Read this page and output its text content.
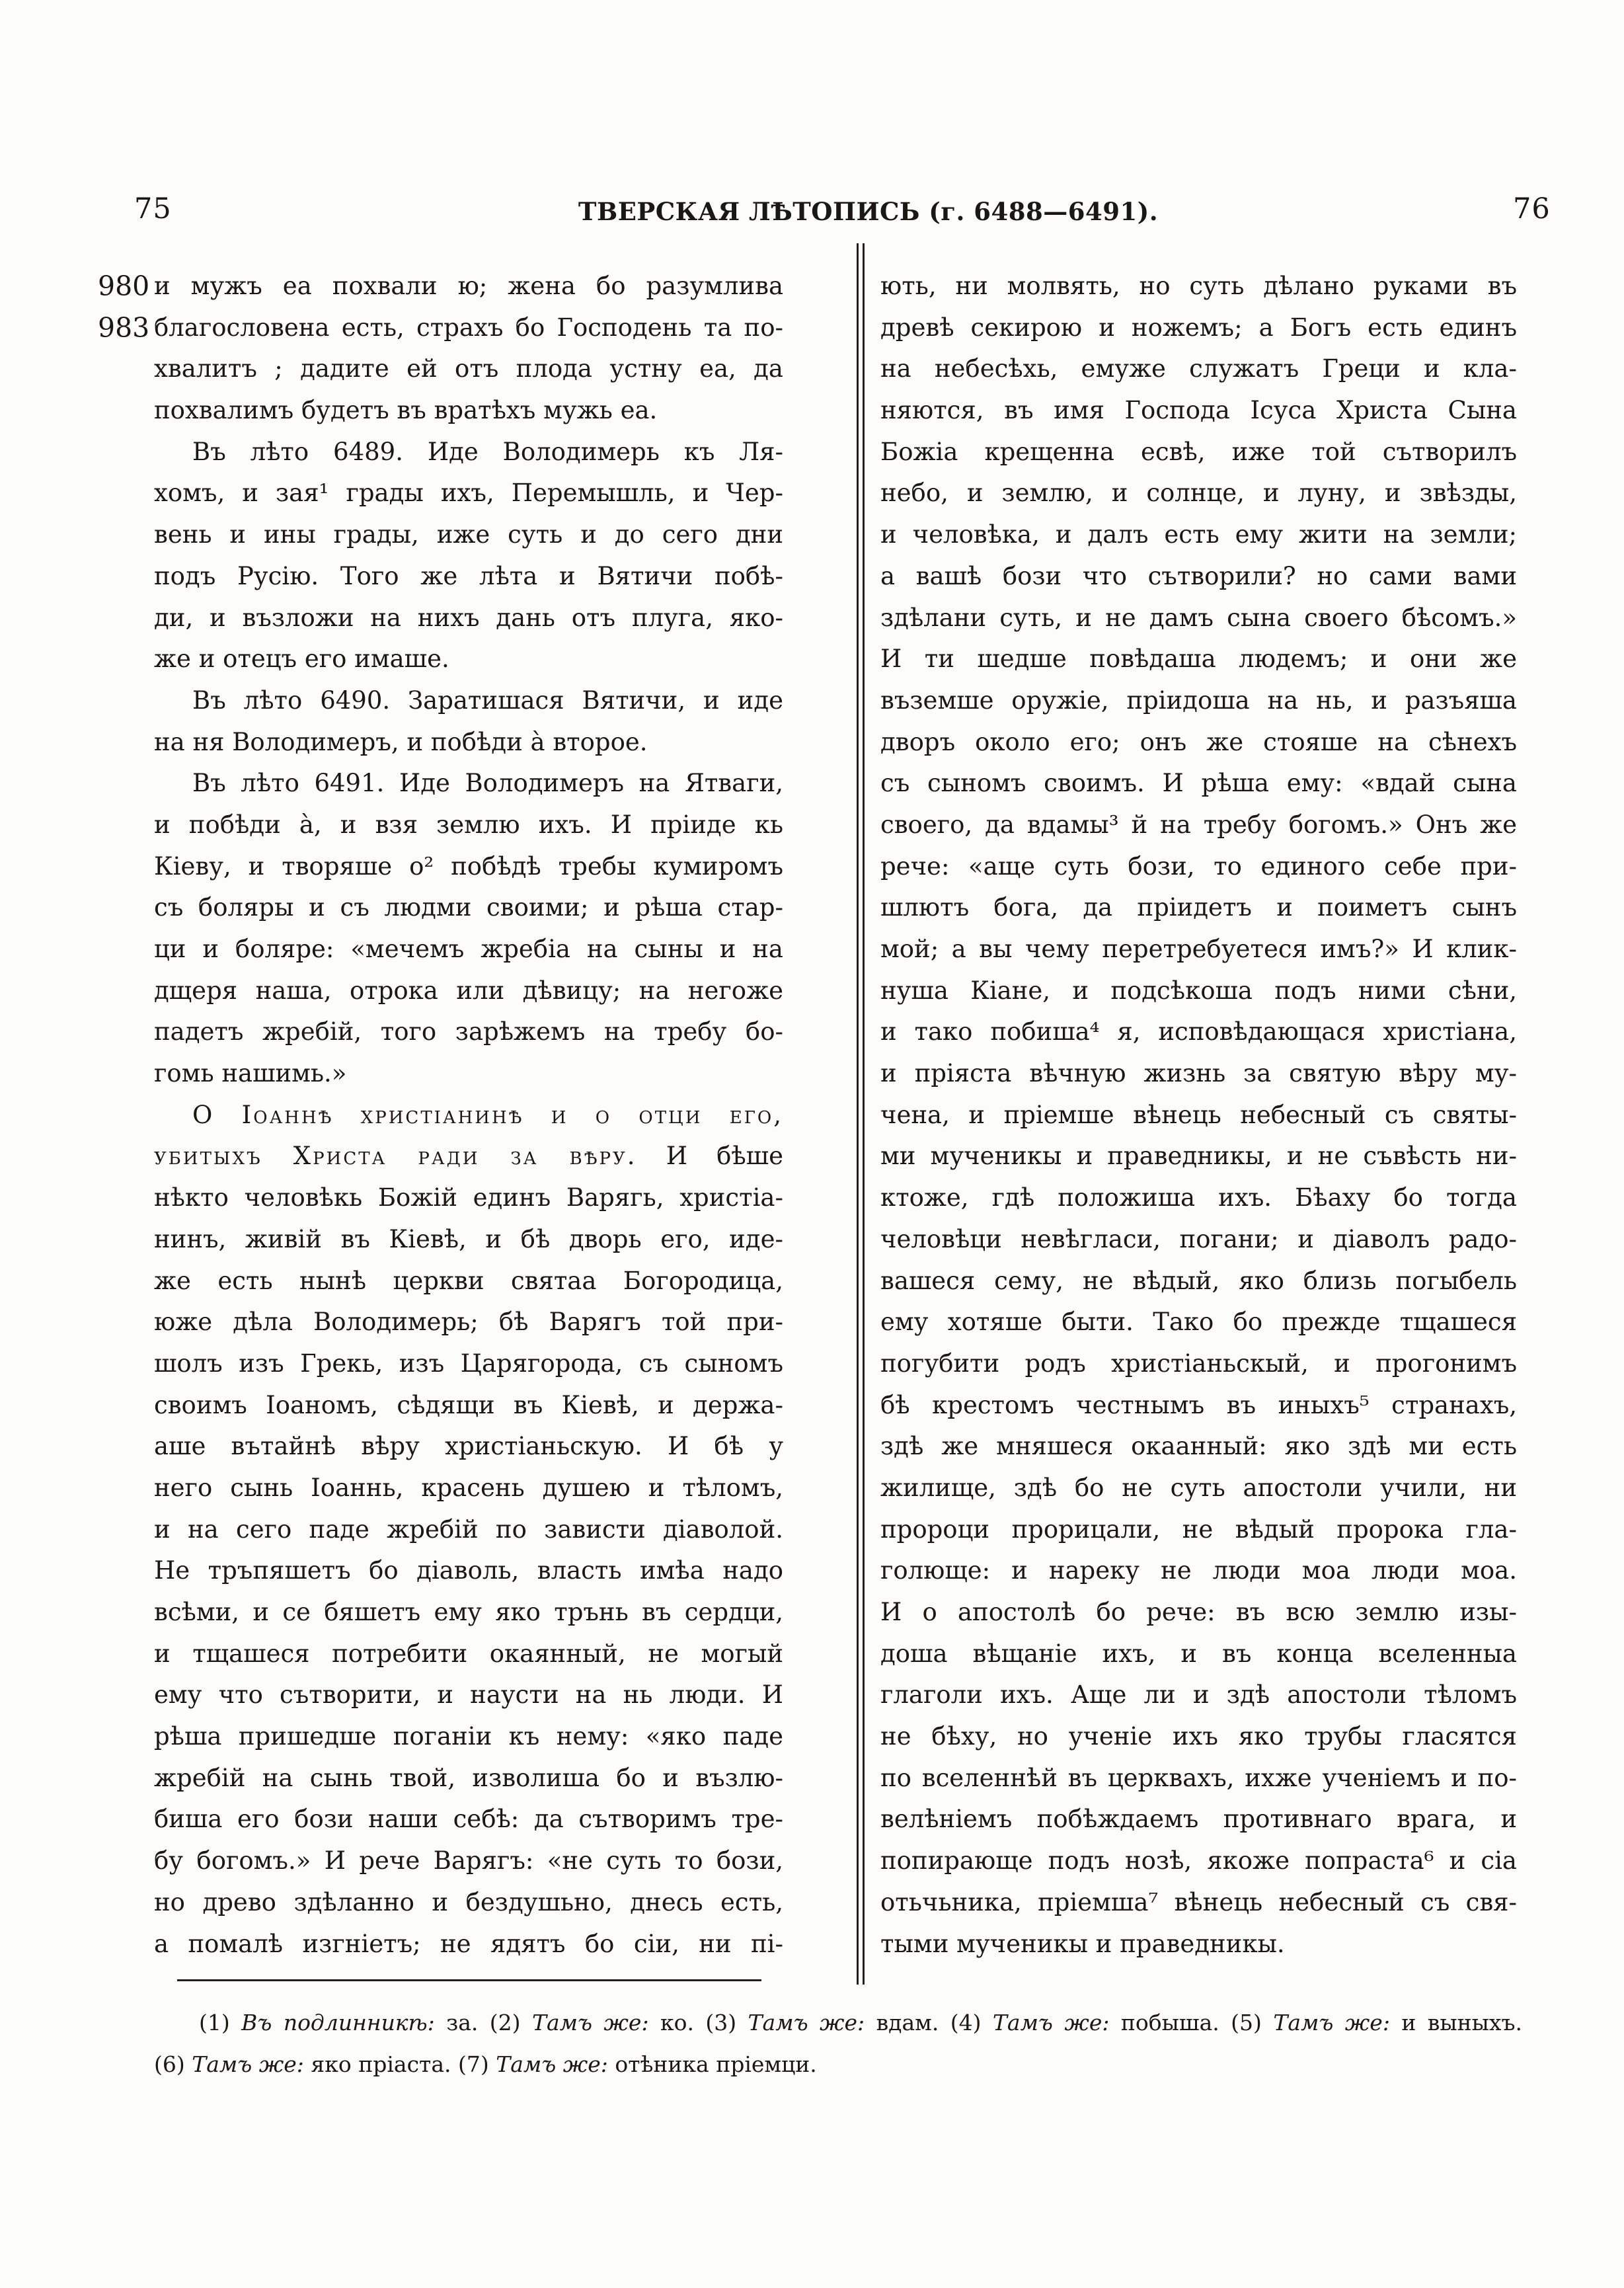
75	ТВЕРСКАЯ ЛѢТОПИСЬ (г. 6488—6491).	76
980
983
и мужъ еа похвали ю; жена бо разумлива
благословена есть, страхъ бо Господень та по-
хвалитъ ; дадите ей отъ плода устну еа, да
похвалимъ будетъ въ вратѣхъ мужь еа.
Въ лѣто 6489. Иде Володимерь къ Ля-
хомъ, и зая¹ грады ихъ, Перемышль, и Чер-
вень и ины грады, иже суть и до сего дни
подъ Русію. Того же лѣта и Вятичи побѣ-
ди, и възложи на нихъ дань отъ плуга, яко-
же и отецъ его имаше.
Въ лѣто 6490. Заратишася Вятичи, и иде
на ня Володимеръ, и побѣди а̀ второе.
Въ лѣто 6491. Иде Володимеръ на Ятваги,
и побѣди а̀, и взя землю ихъ. И пріиде кь
Кіеву, и творяше о² побѣдѣ требы кумиромъ
съ боляры и съ людми своими; и рѣша стар-
ци и боляре: «мечемъ жребіа на сыны и на
дщеря наша, отрока или дѣвицу; на негоже
падетъ жребій, того зарѣжемъ на требу бо-
гомь нашимь.»
О Іоаннѣ христіанинѣ и о отци его,
убитыхъ Христа ради за вѣру. И бѣше
нѣкто человѣкь Божій единъ Варягь, христіа-
нинъ, живій въ Кіевѣ, и бѣ дворь его, иде-
же есть нынѣ церкви святаа Богородица,
юже дѣла Володимерь; бѣ Варягъ той при-
шолъ изъ Грекь, изъ Царягорода, съ сыномъ
своимъ Іоаномъ, сѣдящи въ Кіевѣ, и держа-
аше вътайнѣ вѣру христіаньскую. И бѣ у
него сынь Іоаннь, красень душею и тѣломъ,
и на сего паде жребій по зависти діаволой.
Не тръпяшетъ бо діаволь, власть имѣа надо
всѣми, и се бяшетъ ему яко трънь въ сердци,
и тщашеся потребити окаянный, не могый
ему что сътворити, и наусти на нь люди. И
рѣша пришедше поганіи къ нему: «яко паде
жребій на сынь твой, изволиша бо и възлю-
биша его бози наши себѣ: да сътворимъ тре-
бу богомъ.» И рече Варягъ: «не суть то бози,
но древо здѣланно и бездушьно, днесь есть,
а помалѣ изгніетъ; не ядятъ бо сіи, ни пі-
ють, ни молвять, но суть дѣлано руками въ
древѣ секирою и ножемъ; а Богъ есть единъ
на небесѣхь, емуже служатъ Греци и кла-
няются, въ имя Господа Ісуса Христа Сына
Божіа крещенна есвѣ, иже той сътворилъ
небо, и землю, и солнце, и луну, и звѣзды,
и человѣка, и далъ есть ему жити на земли;
а вашѣ бози что сътворили? но сами вами
здѣлани суть, и не дамъ сына своего бѣсомъ.»
И ти шедше повѣдаша людемъ; и они же
въземше оружіе, пріидоша на нь, и разъяша
дворъ около его; онъ же стояше на сѣнехъ
съ сыномъ своимъ. И рѣша ему: «вдай сына
своего, да вдамы³ й на требу богомъ.» Онъ же
рече: «аще суть бози, то единого себе при-
шлютъ бога, да пріидетъ и поиметъ сынъ
мой; а вы чему перетребуетеся имъ?» И клик-
нуша Кіане, и подсѣкоша подъ ними сѣни,
и тако побиша⁴ я, исповѣдающася христіана,
и пріяста вѣчную жизнь за святую вѣру му-
чена, и пріемше вѣнець небесный съ святы-
ми мученикы и праведникы, и не съвѣсть ни-
ктоже, гдѣ положиша ихъ. Бѣаху бо тогда
человѣци невѣгласи, погани; и діаволъ радо-
вашеся сему, не вѣдый, яко близь погыбель
ему хотяше быти. Тако бо прежде тщашеся
погубити родъ христіаньскый, и прогонимъ
бѣ крестомъ честнымъ въ иныхъ⁵ странахъ,
здѣ же мняшеся окаанный: яко здѣ ми есть
жилище, здѣ бо не суть апостоли учили, ни
пророци прорицали, не вѣдый пророка гла-
голюще: и нареку не люди моа люди моа.
И о апостолѣ бо рече: въ всю землю изы-
доша вѣщаніе ихъ, и въ конца вселенныа
глаголи ихъ. Аще ли и здѣ апостоли тѣломъ
не бѣху, но ученіе ихъ яко трубы гласятся
по вселеннѣй въ церквахъ, ихже ученіемъ и по-
велѣніемъ побѣждаемъ противнаго врага, и
попирающе подъ нозѣ, якоже попраста⁶ и сіа
отьчьника, пріемша⁷ вѣнець небесный съ свя-
тыми мученикы и праведникы.
(1) Въ подлинникѣ: за. (2) Тамъ же: ко. (3) Тамъ же: вдам. (4) Тамъ же: побыша. (5) Тамъ же: и выныхъ.
(6) Тамъ же: яко пріаста. (7) Тамъ же: отѣника пріемци.
